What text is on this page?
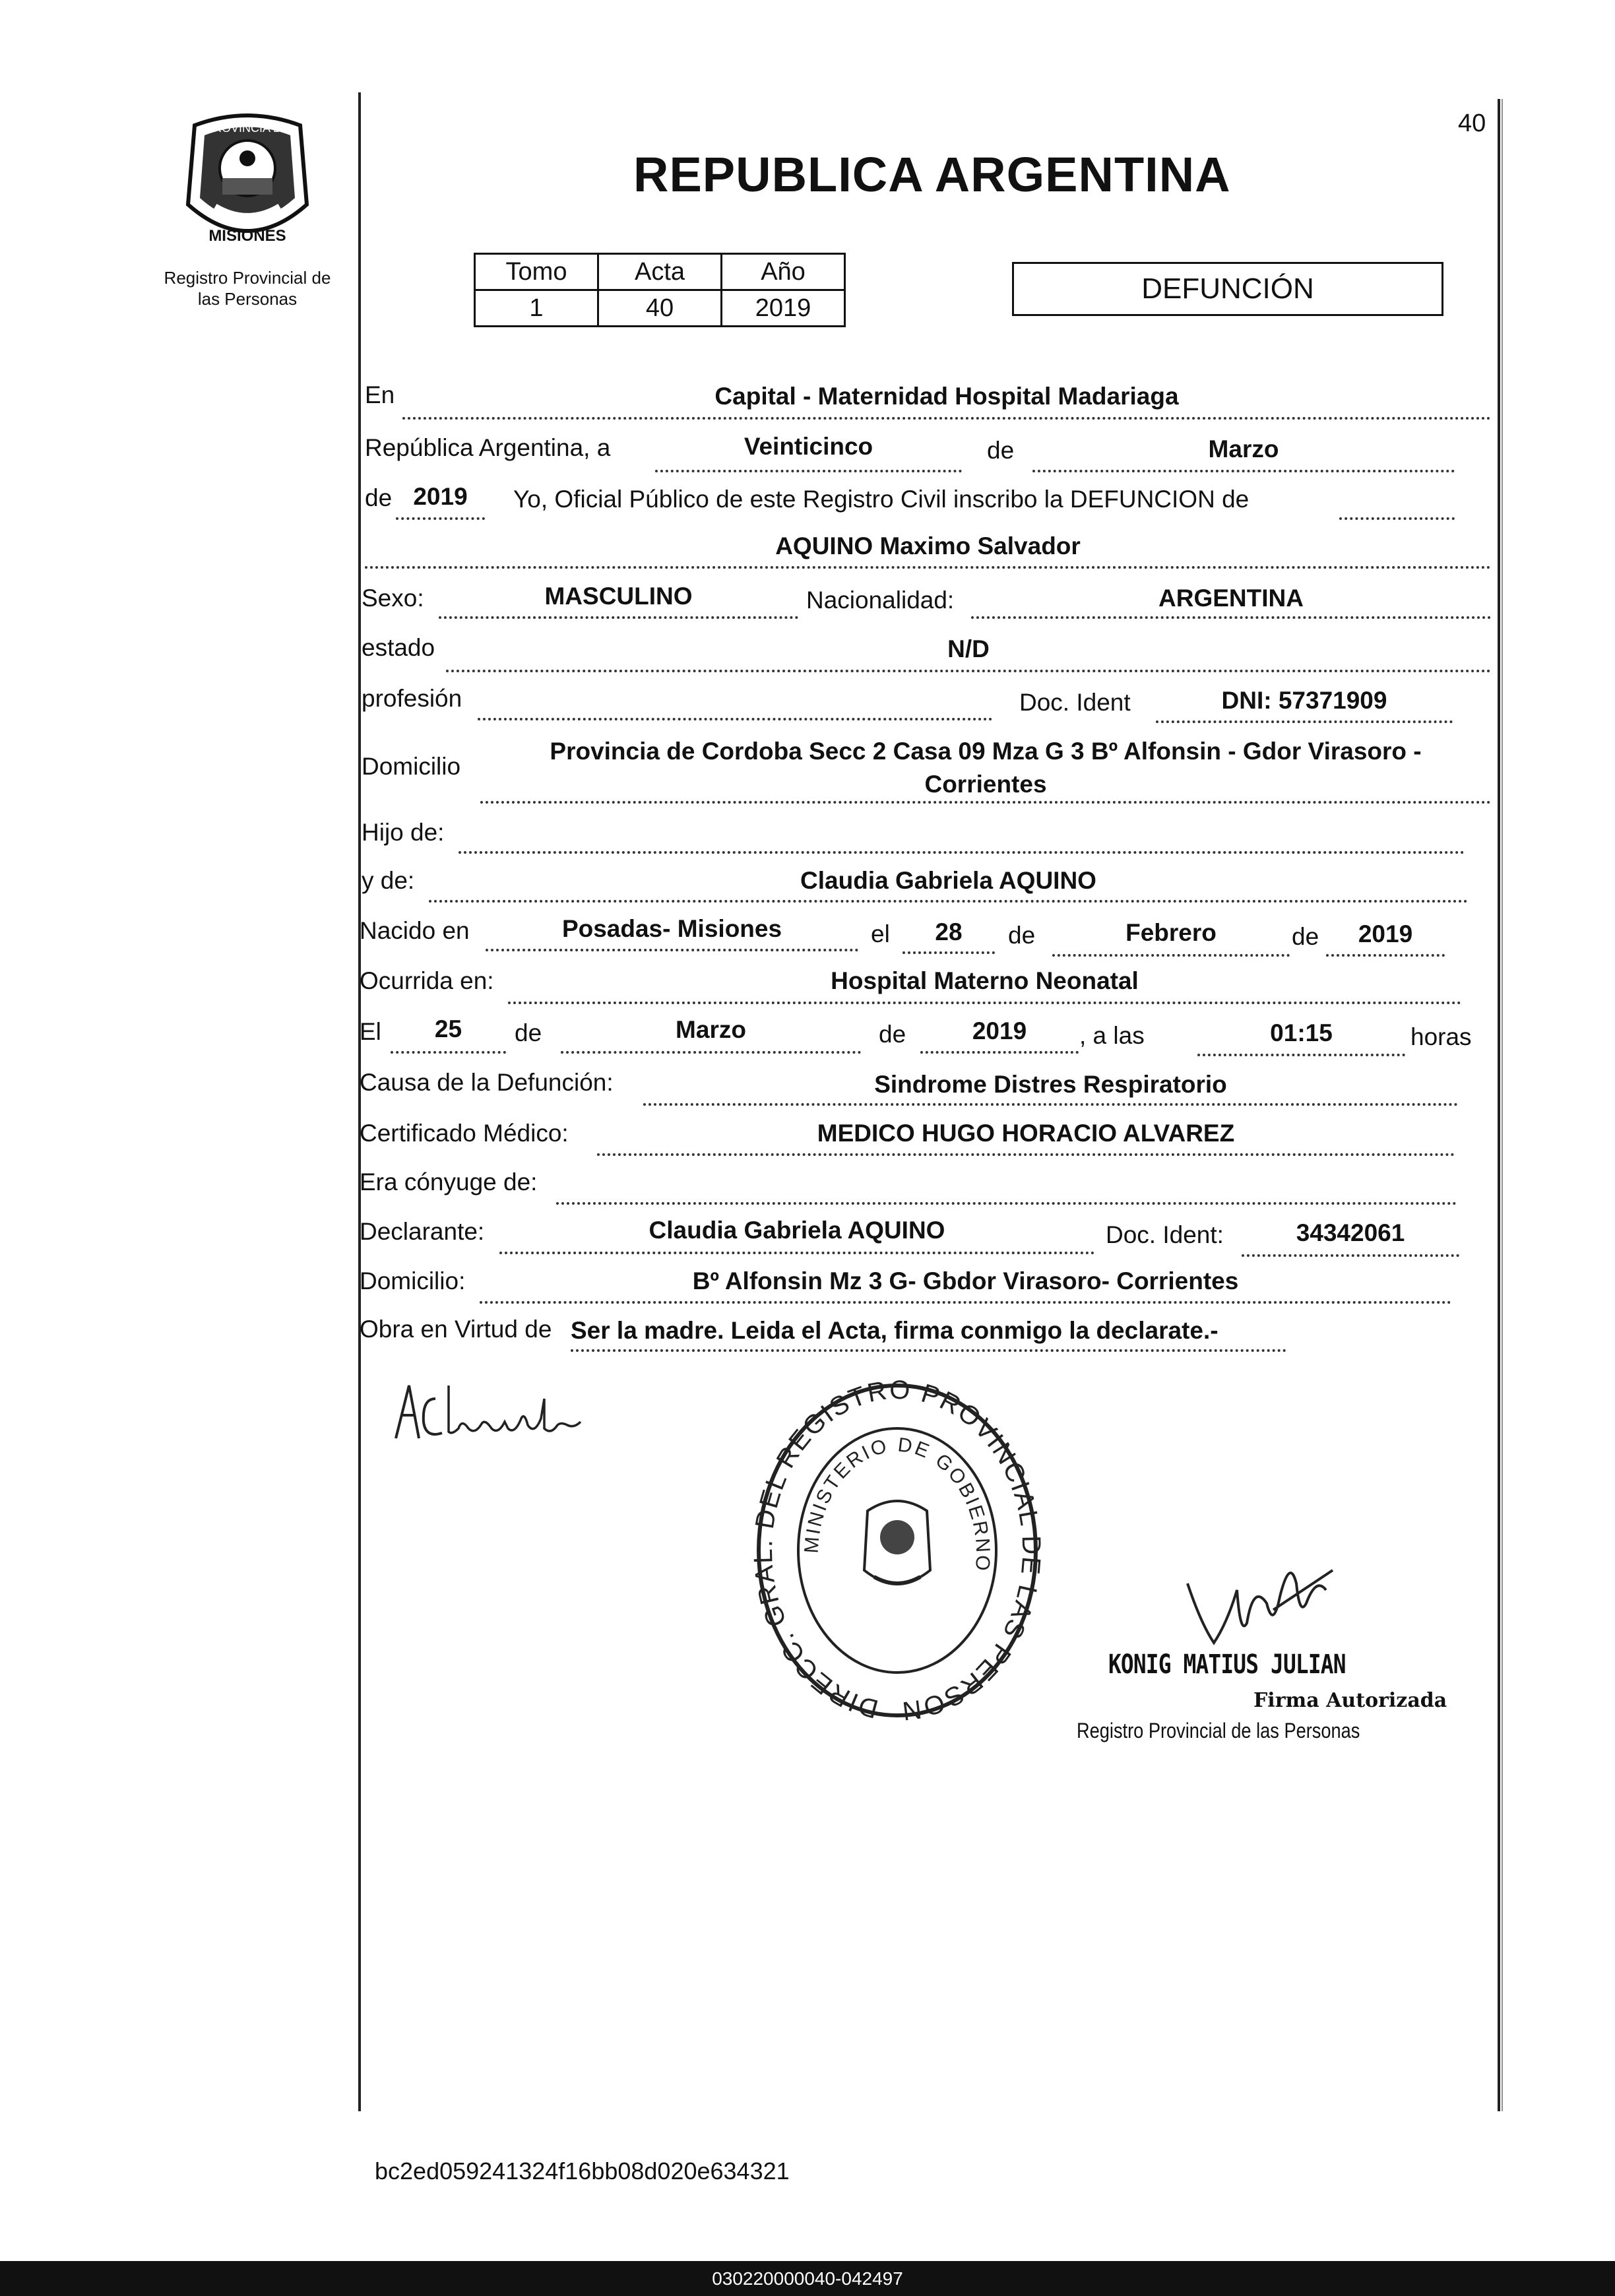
40
PROVINCIA DE
MISIONES
Registro Provincial de
las Personas
REPUBLICA ARGENTINA
Tomo	Acta	Año
1	40	2019
DEFUNCIÓN
En	Capital - Maternidad Hospital Madariaga
República Argentina, a	Veinticinco	de	Marzo
de 2019	Yo, Oficial Público de este Registro Civil inscribo la DEFUNCION de
AQUINO Maximo Salvador
Sexo:	MASCULINO	Nacionalidad:	ARGENTINA
estado	N/D
profesión	Doc. Ident	DNI: 57371909
Domicilio
Provincia de Cordoba Secc 2 Casa 09 Mza G 3 Bº Alfonsin - Gdor Virasoro -
Corrientes
Hijo de:
y de:	Claudia Gabriela AQUINO
Nacido en	Posadas- Misiones	el	28	de	Febrero	de	2019
Ocurrida en:	Hospital Materno Neonatal
El	25	de	Marzo	de	2019	, a las	01:15	horas
Causa de la Defunción:	Sindrome Distres Respiratorio
Certificado Médico:	MEDICO HUGO HORACIO ALVAREZ
Era cónyuge de:
Declarante:	Claudia Gabriela AQUINO	Doc. Ident:	34342061
Domicilio:	Bº Alfonsin Mz 3 G- Gbdor Virasoro- Corrientes
Obra en Virtud de Ser la madre. Leida el Acta, firma conmigo la declarate.-
DIRECC. GRA DEL REGISTRO PROVINCIAL LAS PERSON
MINISTERIO DE GOBIERNO
KONIG MATIUS JULIAN
Firma Autorizada
Registro Provincial de las Personas
bc2ed059241324f16bb08d020e634321
030220000040-042497
